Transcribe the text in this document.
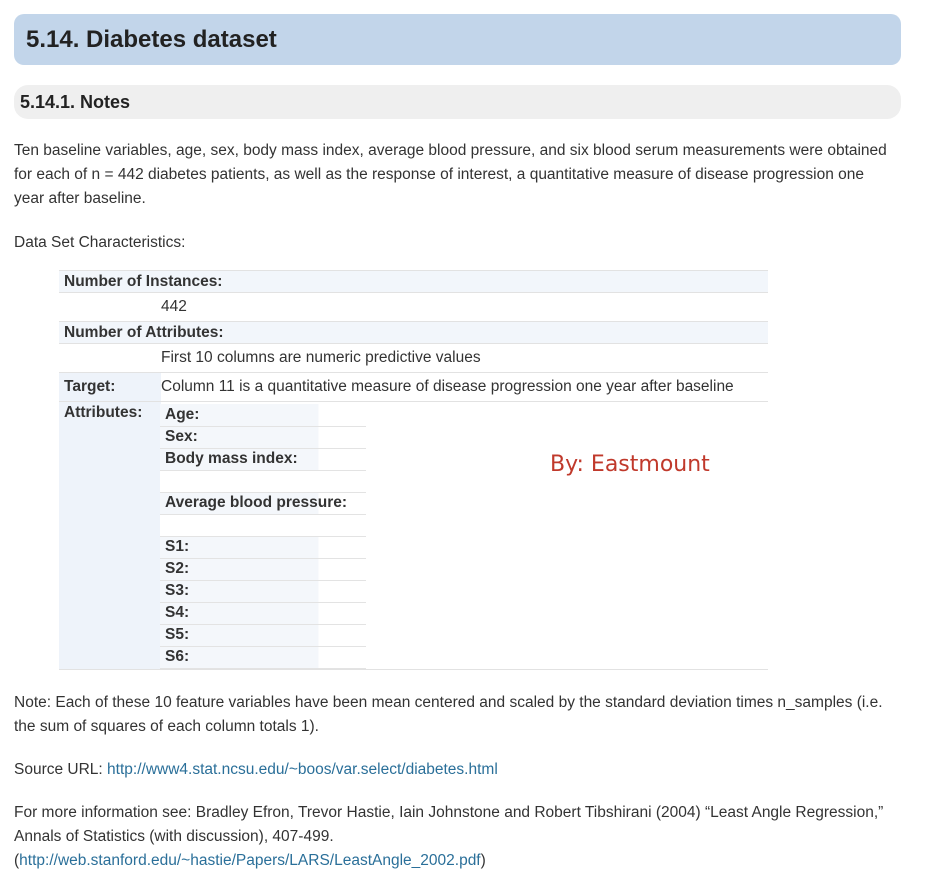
5.14. Diabetes dataset
5.14.1. Notes

Ten baseline variables, age, sex, body mass index, average blood pressure, and six blood serum measurements were obtained for each of n = 442 diabetes patients, as well as the response of interest, a quantitative measure of disease progression one year after baseline.

Data Set Characteristics:

Number of Instances:	
	442
Number of Attributes:	
	First 10 columns are numeric predictive values
Target:	Column 11 is a quantitative measure of disease progression one year after baseline
Attributes:	Age:
Sex:
Body mass index:

Average blood pressure:

S1:
S2:
S3:
S4:
S5:
S6:
By: Eastmount

Note: Each of these 10 feature variables have been mean centered and scaled by the standard deviation times n_samples (i.e. the sum of squares of each column totals 1).

Source URL: http://www4.stat.ncsu.edu/~boos/var.select/diabetes.html

For more information see: Bradley Efron, Trevor Hastie, Iain Johnstone and Robert Tibshirani (2004) “Least Angle Regression,” Annals of Statistics (with discussion), 407-499.
(http://web.stanford.edu/~hastie/Papers/LARS/LeastAngle_2002.pdf)
